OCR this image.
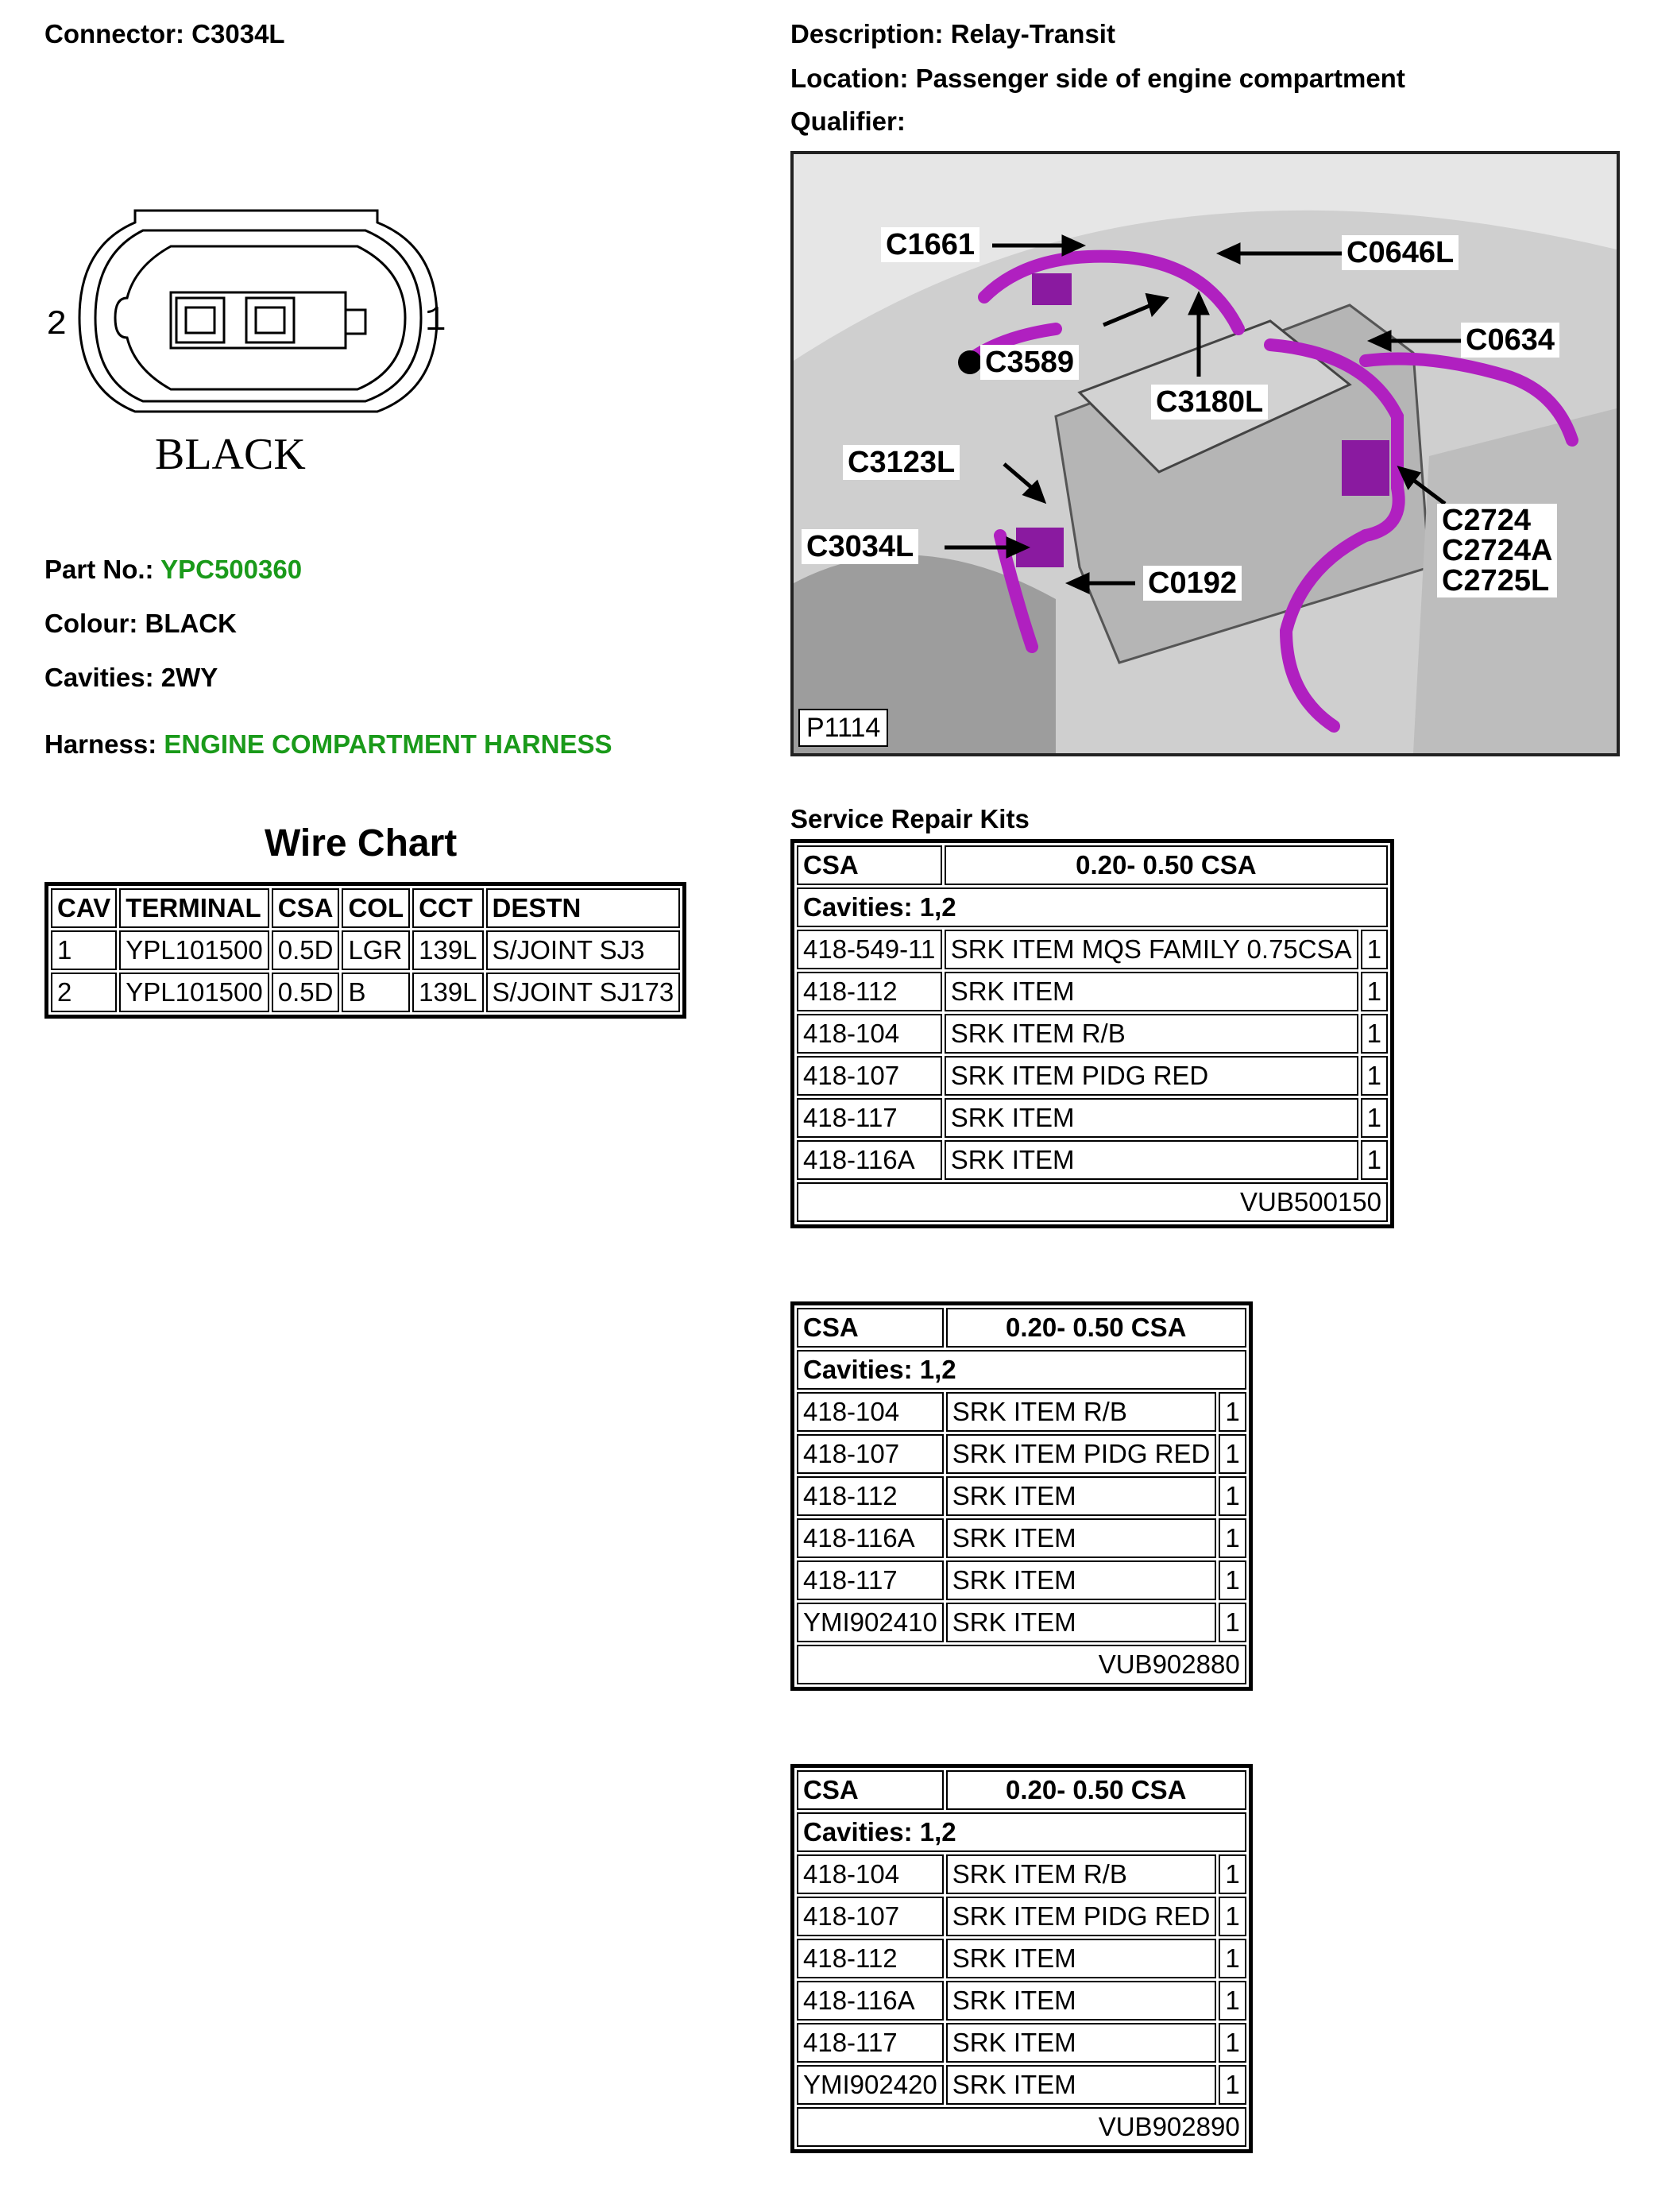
Connector: C3034L	Description: Relay-Transit
Location: Passenger side of engine compartment
Qualifier:
2	1
BLACK
Part No.: YPC500360
Colour: BLACK
Cavities: 2WY
Harness: ENGINE COMPARTMENT HARNESS
Wire Chart
CAV	TERMINAL	CSA	COL	CCT	DESTN
1	YPL101500	0.5D	LGR	139L	S/JOINT SJ3
2	YPL101500	0.5D	B	139L	S/JOINT SJ173
C1661	C0646L
C0634
C3589
C3180L
C3123L
C3034L
C0192
C2724
C2724A
C2725L
P1114
Service Repair Kits
CSA	0.20- 0.50 CSA	
Cavities: 1,2		
418-549-11	SRK ITEM MQS FAMILY 0.75CSA	1
418-112	SRK ITEM	1
418-104	SRK ITEM R/B	1
418-107	SRK ITEM PIDG RED	1
418-117	SRK ITEM	1
418-116A	SRK ITEM	1
VUB500150		
CSA	0.20- 0.50 CSA	
Cavities: 1,2		
418-104	SRK ITEM R/B	1
418-107	SRK ITEM PIDG RED	1
418-112	SRK ITEM	1
418-116A	SRK ITEM	1
418-117	SRK ITEM	1
YMI902410	SRK ITEM	1
VUB902880		
CSA	0.20- 0.50 CSA	
Cavities: 1,2		
418-104	SRK ITEM R/B	1
418-107	SRK ITEM PIDG RED	1
418-112	SRK ITEM	1
418-116A	SRK ITEM	1
418-117	SRK ITEM	1
YMI902420	SRK ITEM	1
VUB902890		
